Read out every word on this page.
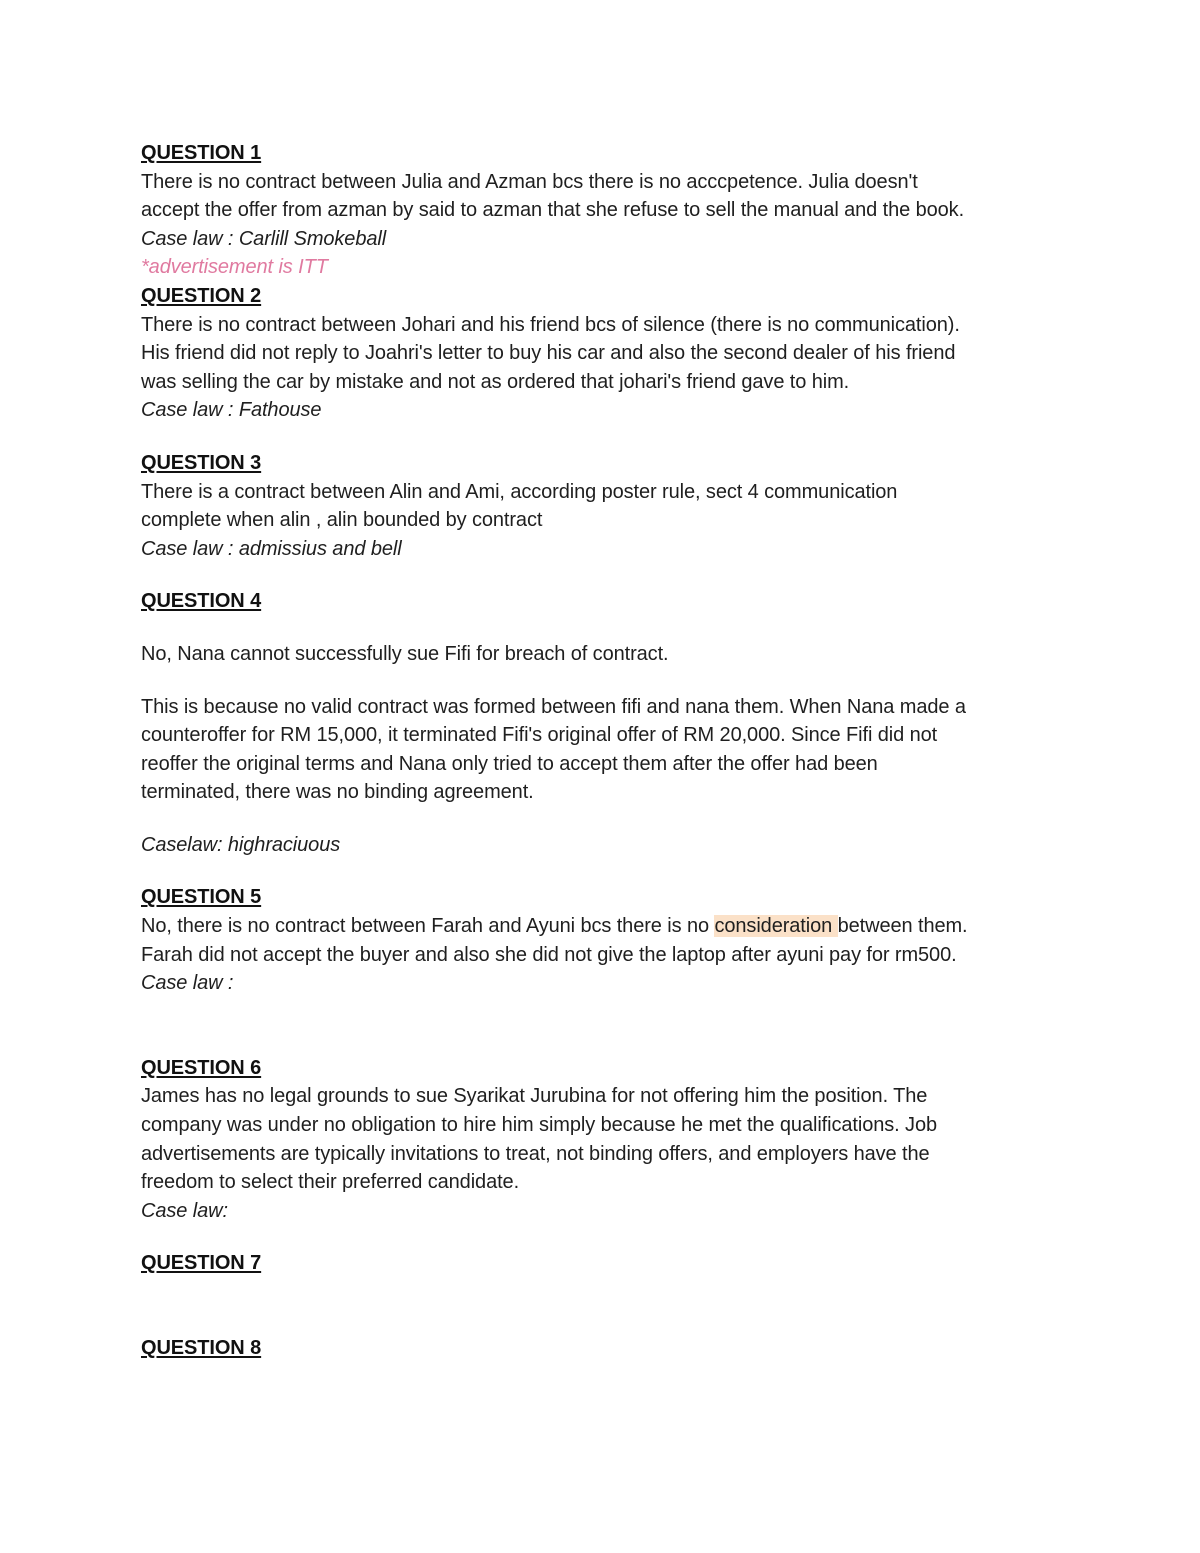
QUESTION 1
There is no contract between Julia and Azman bcs there is no acccpetence. Julia doesn't
accept the offer from azman by said to azman that she refuse to sell the manual and the book.
Case law : Carlill Smokeball
*advertisement is ITT
QUESTION 2
There is no contract between Johari and his friend bcs of silence (there is no communication).
His friend did not reply to Joahri's letter to buy his car and also the second dealer of his friend
was selling the car by mistake and not as ordered that johari's friend gave to him.
Case law : Fathouse
QUESTION 3
There is a contract between Alin and Ami, according poster rule, sect 4 communication
complete when alin , alin bounded by contract
Case law : admissius and bell
QUESTION 4
No, Nana cannot successfully sue Fifi for breach of contract.
This is because no valid contract was formed between fifi and nana them. When Nana made a
counteroffer for RM 15,000, it terminated Fifi's original offer of RM 20,000. Since Fifi did not
reoffer the original terms and Nana only tried to accept them after the offer had been
terminated, there was no binding agreement.
Caselaw: highraciuous
QUESTION 5
No, there is no contract between Farah and Ayuni bcs there is no consideration between them.
Farah did not accept the buyer and also she did not give the laptop after ayuni pay for rm500.
Case law :
QUESTION 6
James has no legal grounds to sue Syarikat Jurubina for not offering him the position. The
company was under no obligation to hire him simply because he met the qualifications. Job
advertisements are typically invitations to treat, not binding offers, and employers have the
freedom to select their preferred candidate.
Case law:
QUESTION 7
QUESTION 8
